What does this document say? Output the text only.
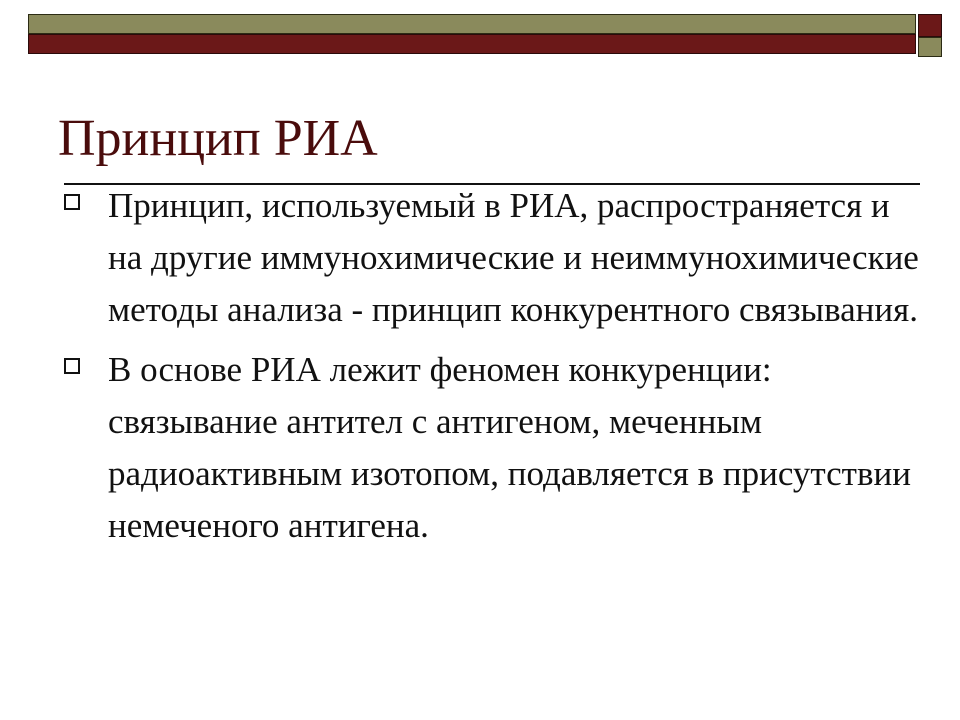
Принцип РИА
Принцип, используемый в РИА, распространяется и на другие иммунохимические и неиммунохимические методы анализа - принцип конкурентного связывания.
В основе РИА лежит феномен конкуренции: связывание антител с антигеном, меченным радиоактивным изотопом, подавляется в присутствии немеченого антигена.
